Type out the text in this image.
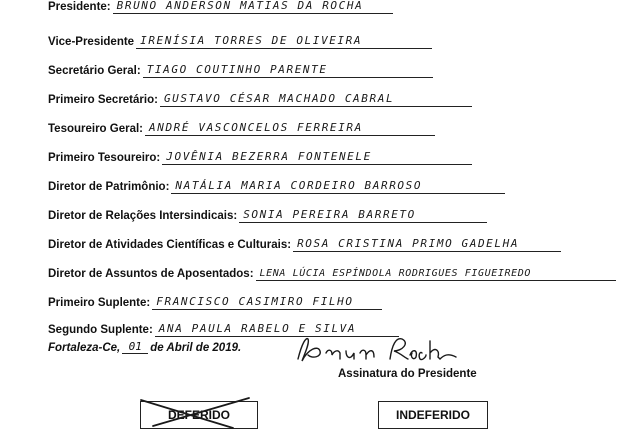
Presidente: BRUNO ANDERSON MATIAS DA ROCHA
Vice-Presidente IRENÍSIA TORRES DE OLIVEIRA
Secretário Geral: TIAGO COUTINHO PARENTE
Primeiro Secretário: GUSTAVO CÉSAR MACHADO CABRAL
Tesoureiro Geral: ANDRÉ VASCONCELOS FERREIRA
Primeiro Tesoureiro: JOVÊNIA BEZERRA FONTENELE
Diretor de Patrimônio: NATÁLIA MARIA CORDEIRO BARROSO
Diretor de Relações Intersindicais: SONIA PEREIRA BARRETO
Diretor de Atividades Científicas e Culturais: ROSA CRISTINA PRIMO GADELHA
Diretor de Assuntos de Aposentados: LENA LÚCIA ESPÍNDOLA RODRIGUES FIGUEIREDO
Primeiro Suplente: FRANCISCO CASIMIRO FILHO
Segundo Suplente: ANA PAULA RABELO E SILVA
Fortaleza-Ce, 01 de Abril de 2019.
Assinatura do Presidente
DEFERIDO	INDEFERIDO
